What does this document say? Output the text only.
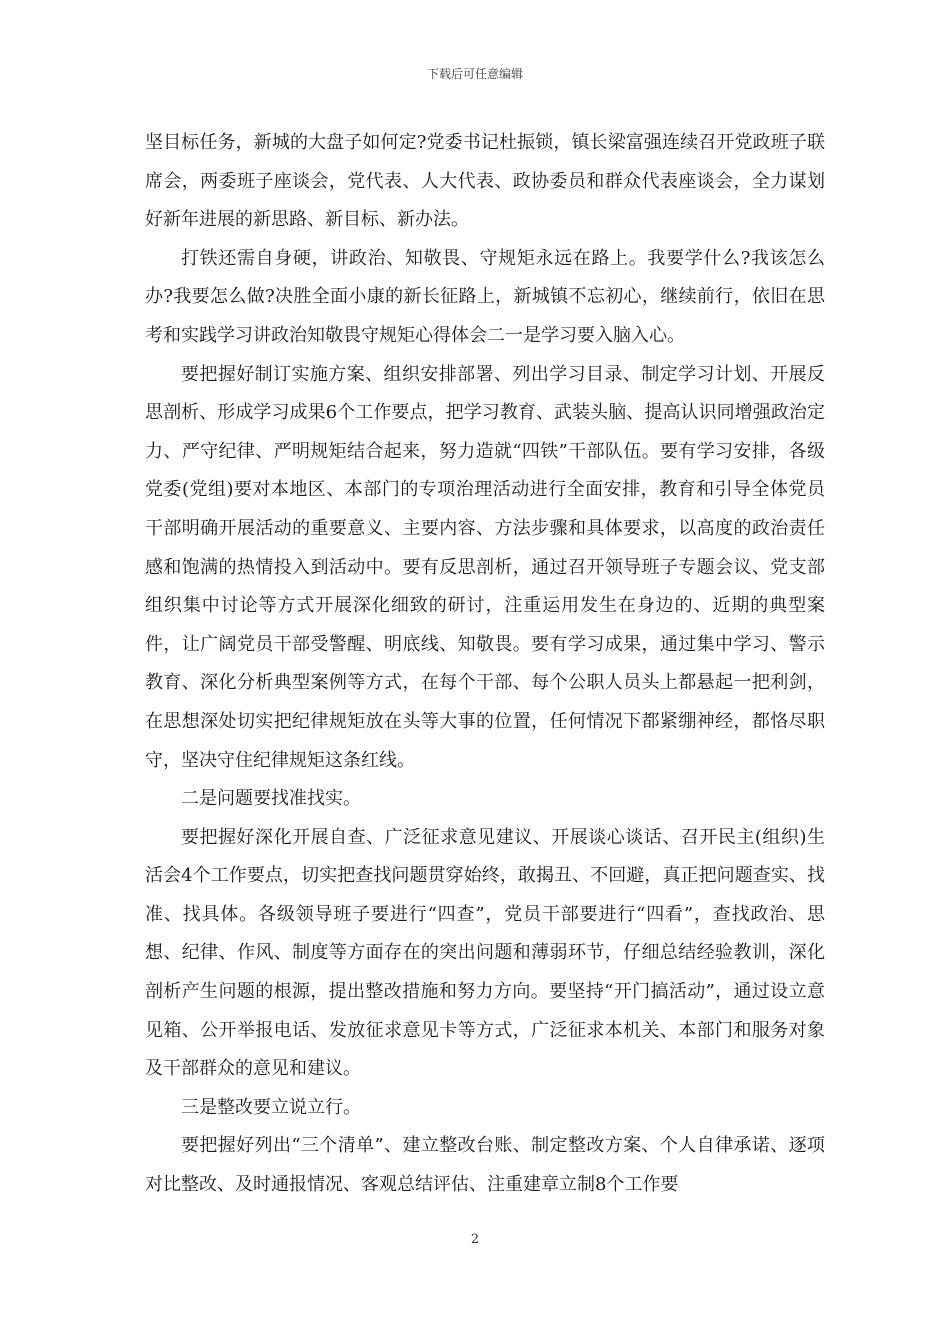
下载后可任意编辑

坚目标任务，新城的大盘子如何定?党委书记杜振锁，镇长梁富强连续召开党政班子联席会，两委班子座谈会，党代表、人大代表、政协委员和群众代表座谈会，全力谋划好新年进展的新思路、新目标、新办法。

打铁还需自身硬，讲政治、知敬畏、守规矩永远在路上。我要学什么?我该怎么办?我要怎么做?决胜全面小康的新长征路上，新城镇不忘初心，继续前行，依旧在思考和实践学习讲政治知敬畏守规矩心得体会二一是学习要入脑入心。

要把握好制订实施方案、组织安排部署、列出学习目录、制定学习计划、开展反思剖析、形成学习成果6个工作要点，把学习教育、武装头脑、提高认识同增强政治定力、严守纪律、严明规矩结合起来，努力造就“四铁”干部队伍。要有学习安排，各级党委(党组)要对本地区、本部门的专项治理活动进行全面安排，教育和引导全体党员干部明确开展活动的重要意义、主要内容、方法步骤和具体要求，以高度的政治责任感和饱满的热情投入到活动中。要有反思剖析，通过召开领导班子专题会议、党支部组织集中讨论等方式开展深化细致的研讨，注重运用发生在身边的、近期的典型案件，让广阔党员干部受警醒、明底线、知敬畏。要有学习成果，通过集中学习、警示教育、深化分析典型案例等方式，在每个干部、每个公职人员头上都悬起一把利剑，在思想深处切实把纪律规矩放在头等大事的位置，任何情况下都紧绷神经，都恪尽职守，坚决守住纪律规矩这条红线。

二是问题要找准找实。

要把握好深化开展自查、广泛征求意见建议、开展谈心谈话、召开民主(组织)生活会4个工作要点，切实把查找问题贯穿始终，敢揭丑、不回避，真正把问题查实、找准、找具体。各级领导班子要进行“四查”，党员干部要进行“四看”，查找政治、思想、纪律、作风、制度等方面存在的突出问题和薄弱环节，仔细总结经验教训，深化剖析产生问题的根源，提出整改措施和努力方向。要坚持“开门搞活动”，通过设立意见箱、公开举报电话、发放征求意见卡等方式，广泛征求本机关、本部门和服务对象及干部群众的意见和建议。

三是整改要立说立行。

要把握好列出“三个清单”、建立整改台账、制定整改方案、个人自律承诺、逐项对比整改、及时通报情况、客观总结评估、注重建章立制8个工作要

2
